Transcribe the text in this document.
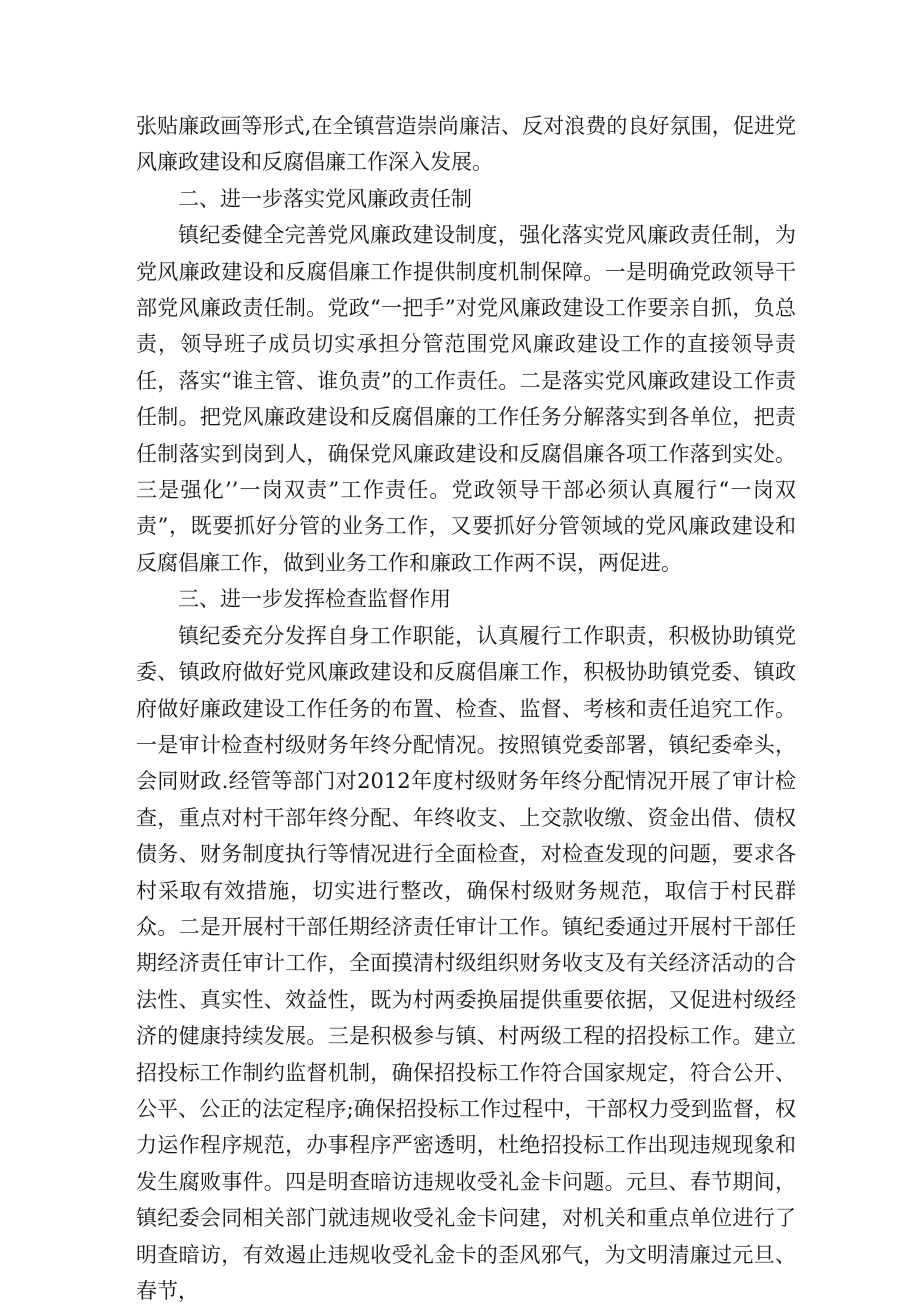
张贴廉政画等形式,在全镇营造崇尚廉洁、反对浪费的良好氛围，促进党风廉政建设和反腐倡廉工作深入发展。

二、进一步落实党风廉政责任制

镇纪委健全完善党风廉政建设制度，强化落实党风廉政责任制，为党风廉政建设和反腐倡廉工作提供制度机制保障。一是明确党政领导干部党风廉政责任制。党政“一把手”对党风廉政建设工作要亲自抓，负总责，领导班子成员切实承担分管范围党风廉政建设工作的直接领导责任，落实“谁主管、谁负责”的工作责任。二是落实党风廉政建设工作责任制。把党风廉政建设和反腐倡廉的工作任务分解落实到各单位，把责任制落实到岗到人，确保党风廉政建设和反腐倡廉各项工作落到实处。三是强化’’一岗双责”工作责任。党政领导干部必须认真履行“一岗双责”，既要抓好分管的业务工作，又要抓好分管领域的党风廉政建设和反腐倡廉工作，做到业务工作和廉政工作两不误，两促进。

三、进一步发挥检查监督作用

镇纪委充分发挥自身工作职能，认真履行工作职责，积极协助镇党委、镇政府做好党风廉政建设和反腐倡廉工作，积极协助镇党委、镇政府做好廉政建设工作任务的布置、检查、监督、考核和责任追究工作。一是审计检查村级财务年终分配情况。按照镇党委部署，镇纪委牵头，会同财政.经管等部门对2012年度村级财务年终分配情况开展了审计检查，重点对村干部年终分配、年终收支、上交款收缴、资金出借、债权债务、财务制度执行等情况进行全面检查，对检查发现的问题，要求各村采取有效措施，切实进行整改，确保村级财务规范，取信于村民群众。二是开展村干部任期经济责任审计工作。镇纪委通过开展村干部任期经济责任审计工作，全面摸清村级组织财务收支及有关经济活动的合法性、真实性、效益性，既为村两委换届提供重要依据，又促进村级经济的健康持续发展。三是积极参与镇、村两级工程的招投标工作。建立招投标工作制约监督机制，确保招投标工作符合国家规定，符合公开、公平、公正的法定程序;确保招投标工作过程中，干部权力受到监督，权力运作程序规范，办事程序严密透明，杜绝招投标工作出现违规现象和发生腐败事件。四是明查暗访违规收受礼金卡问题。元旦、春节期间，镇纪委会同相关部门就违规收受礼金卡问建，对机关和重点单位进行了明查暗访，有效遏止违规收受礼金卡的歪风邪气，为文明清廉过元旦、春节，
